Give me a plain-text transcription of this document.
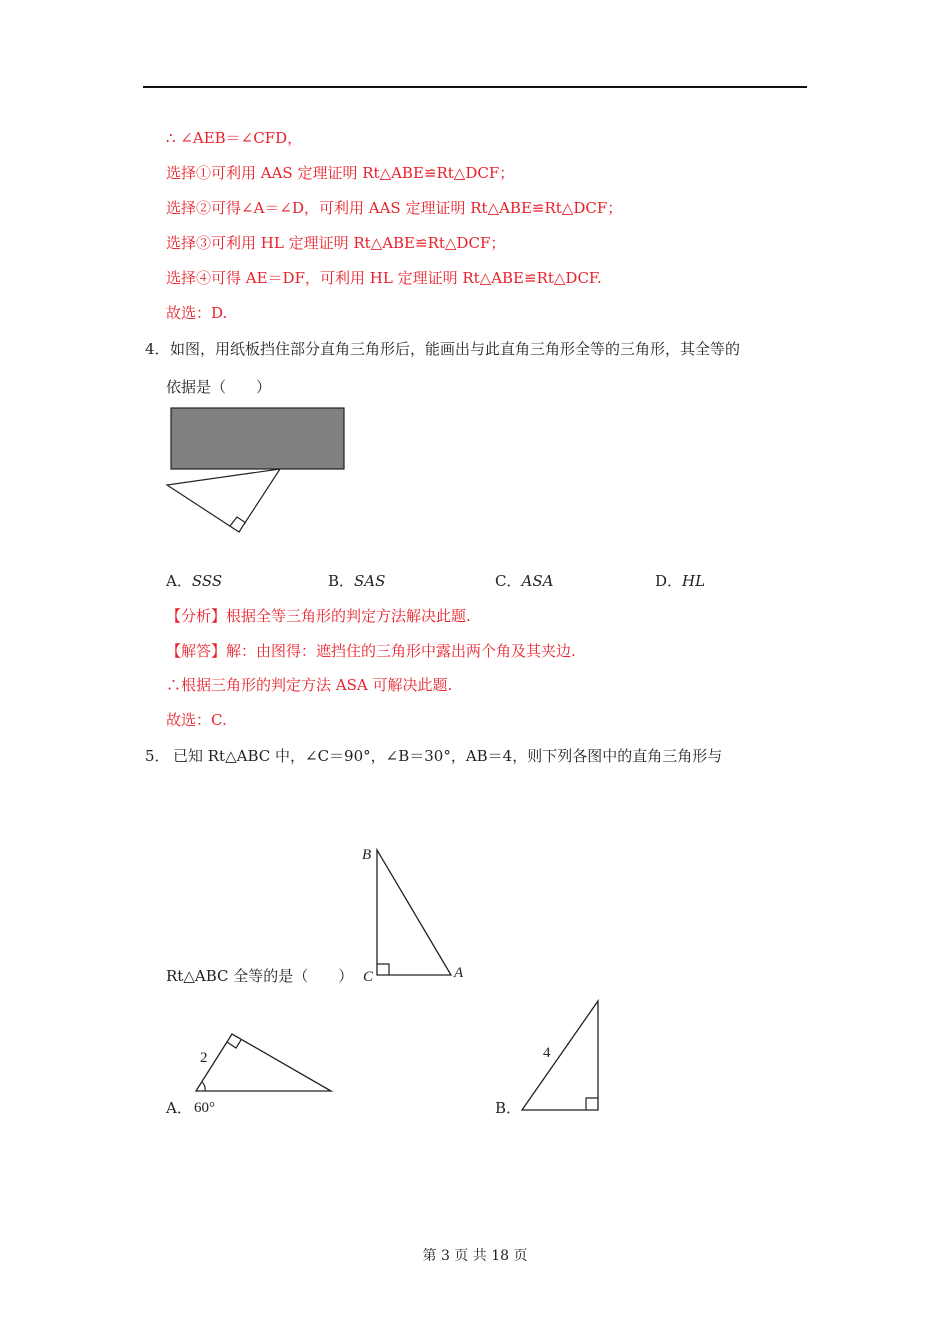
∴ ∠AEB＝∠CFD，
选择①可利用 AAS 定理证明 Rt△ABE≌Rt△DCF；
选择②可得∠A＝∠D，可利用 AAS 定理证明 Rt△ABE≌Rt△DCF；
选择③可利用 HL 定理证明 Rt△ABE≌Rt△DCF；
选择④可得 AE＝DF，可利用 HL 定理证明 Rt△ABE≌Rt△DCF.
故选：D.
4． 如图，用纸板挡住部分直角三角形后，能画出与此直角三角形全等的三角形，其全等的
依据是（　　）
A．SSS	B．SAS	C．ASA	D．HL
【分析】根据全等三角形的判定方法解决此题.
【解答】解：由图得：遮挡住的三角形中露出两个角及其夹边.
∴根据三角形的判定方法 ASA 可解决此题.
故选：C.
5． 已知 Rt△ABC 中，∠C＝90°，∠B＝30°，AB＝4，则下列各图中的直角三角形与
B
C	A
Rt△ABC 全等的是（　　）
A．
2
60°	B．
4
第 3 页 共 18 页
